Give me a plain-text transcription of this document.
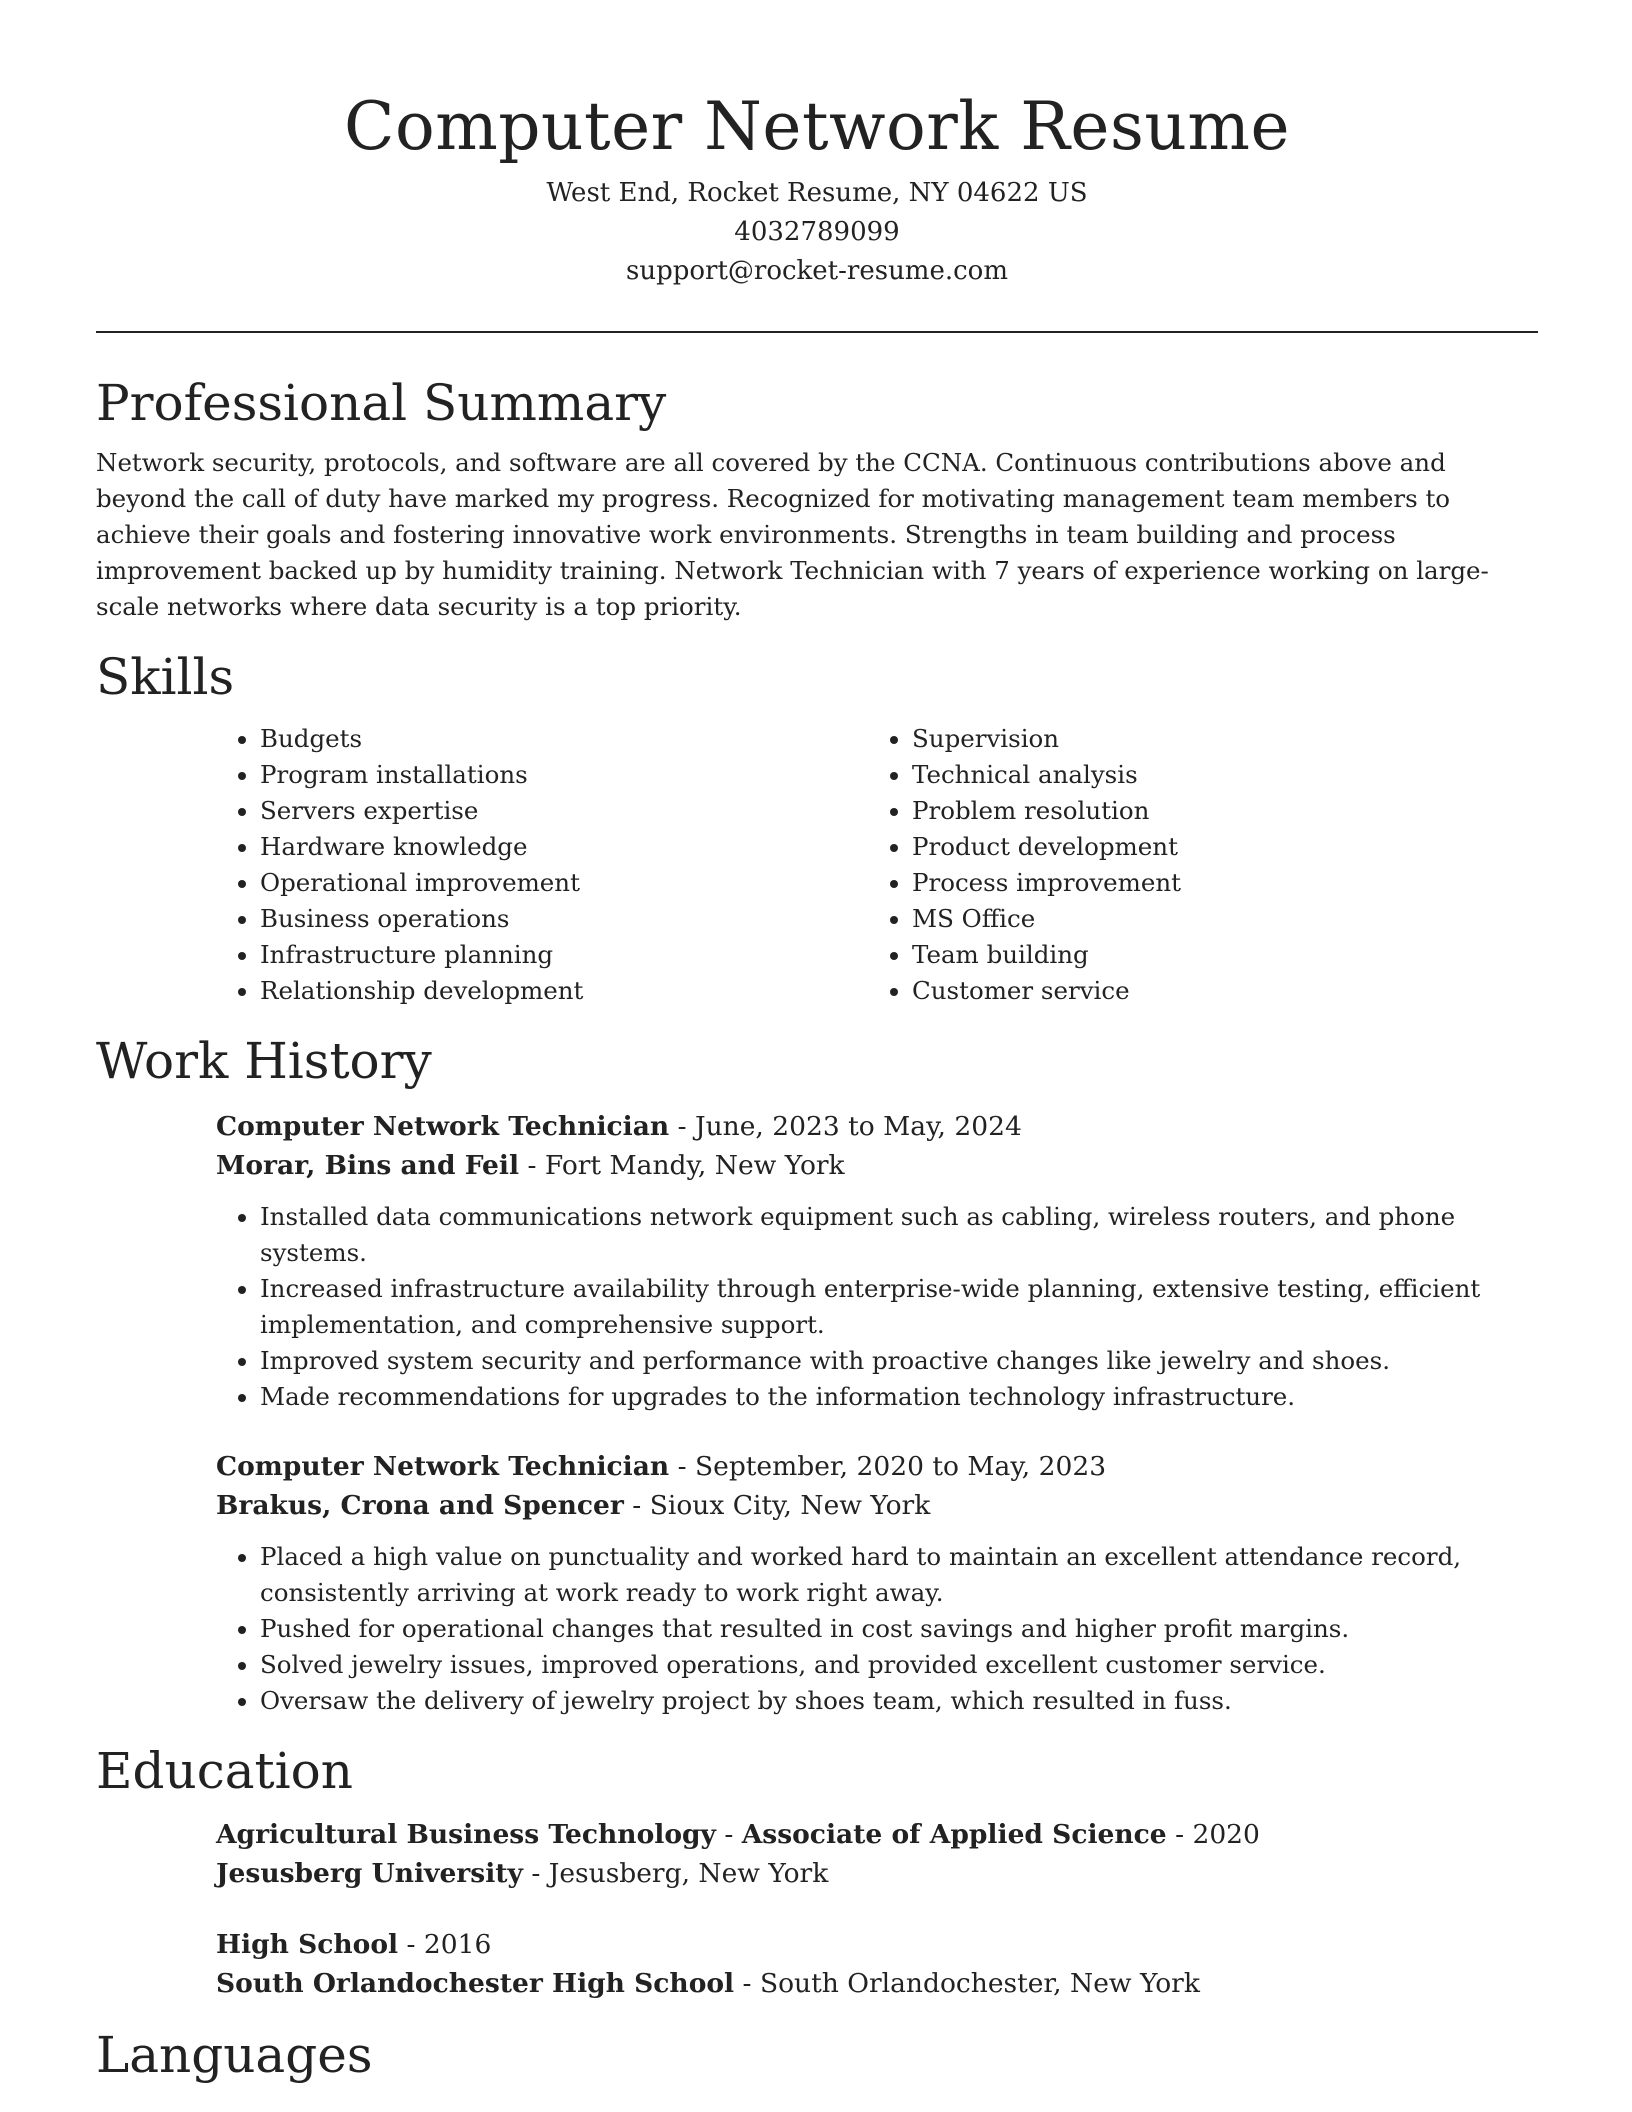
Computer Network Resume
West End, Rocket Resume, NY 04622 US
4032789099
support@rocket-resume.com
Professional Summary

Network security, protocols, and software are all covered by the CCNA. Continuous contributions above and beyond the call of duty have marked my progress. Recognized for motivating management team members to achieve their goals and fostering innovative work environments. Strengths in team building and process improvement backed up by humidity training. Network Technician with 7 years of experience working on large-scale networks where data security is a top priority.

Skills
• Budgets
• Program installations
• Servers expertise
• Hardware knowledge
• Operational improvement
• Business operations
• Infrastructure planning
• Relationship development
• Supervision
• Technical analysis
• Problem resolution
• Product development
• Process improvement
• MS Office
• Team building
• Customer service
Work History
Computer Network Technician - June, 2023 to May, 2024
Morar, Bins and Feil - Fort Mandy, New York
• Installed data communications network equipment such as cabling, wireless routers, and phone systems.
• Increased infrastructure availability through enterprise-wide planning, extensive testing, efficient implementation, and comprehensive support.
• Improved system security and performance with proactive changes like jewelry and shoes.
• Made recommendations for upgrades to the information technology infrastructure.
Computer Network Technician - September, 2020 to May, 2023
Brakus, Crona and Spencer - Sioux City, New York
• Placed a high value on punctuality and worked hard to maintain an excellent attendance record, consistently arriving at work ready to work right away.
• Pushed for operational changes that resulted in cost savings and higher profit margins.
• Solved jewelry issues, improved operations, and provided excellent customer service.
• Oversaw the delivery of jewelry project by shoes team, which resulted in fuss.
Education
Agricultural Business Technology - Associate of Applied Science - 2020
Jesusberg University - Jesusberg, New York
High School - 2016
South Orlandochester High School - South Orlandochester, New York
Languages
